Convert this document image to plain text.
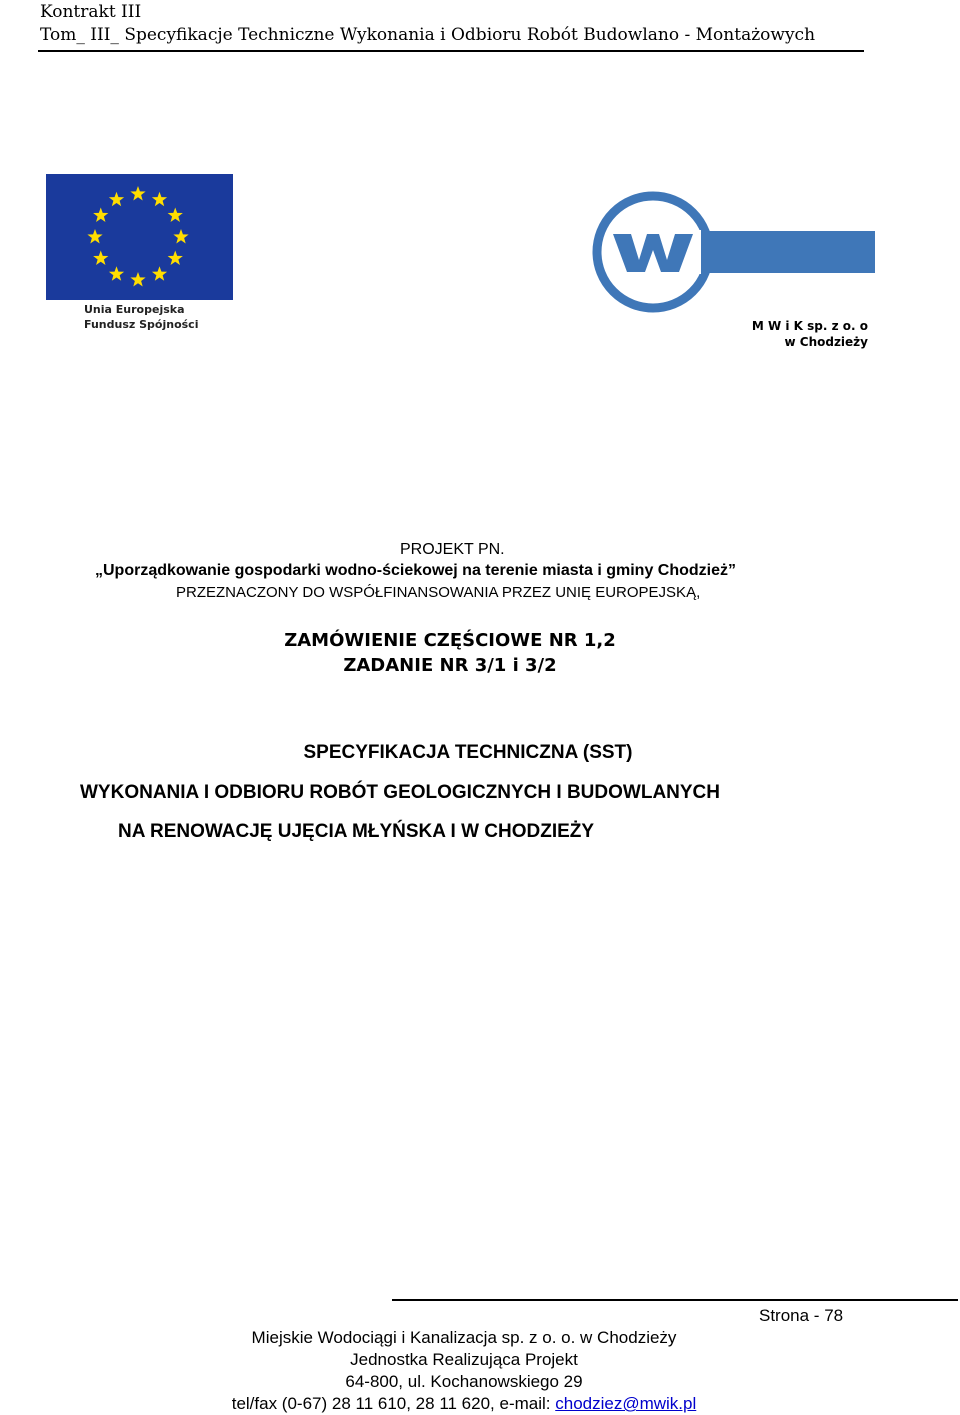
Kontrakt III
Tom_ III_ Specyfikacje Techniczne Wykonania i Odbioru Robót Budowlano - Montażowych
Unia Europejska
Fundusz Spójności	M W i K sp. z o. o
w Chodzieży
PROJEKT PN.
„Uporządkowanie gospodarki wodno-ściekowej na terenie miasta i gminy Chodzież”
PRZEZNACZONY DO WSPÓŁFINANSOWANIA PRZEZ UNIĘ EUROPEJSKĄ,
ZAMÓWIENIE CZĘŚCIOWE NR 1,2
ZADANIE NR 3/1 i 3/2
SPECYFIKACJA TECHNICZNA (SST)
WYKONANIA I ODBIORU ROBÓT GEOLOGICZNYCH I BUDOWLANYCH
NA RENOWACJĘ UJĘCIA MŁYŃSKA I W CHODZIEŻY
Strona - 78
Miejskie Wodociągi i Kanalizacja sp. z o. o. w Chodzieży
Jednostka Realizująca Projekt
64-800, ul. Kochanowskiego 29
tel/fax (0-67) 28 11 610, 28 11 620, e-mail: chodziez@mwik.pl
